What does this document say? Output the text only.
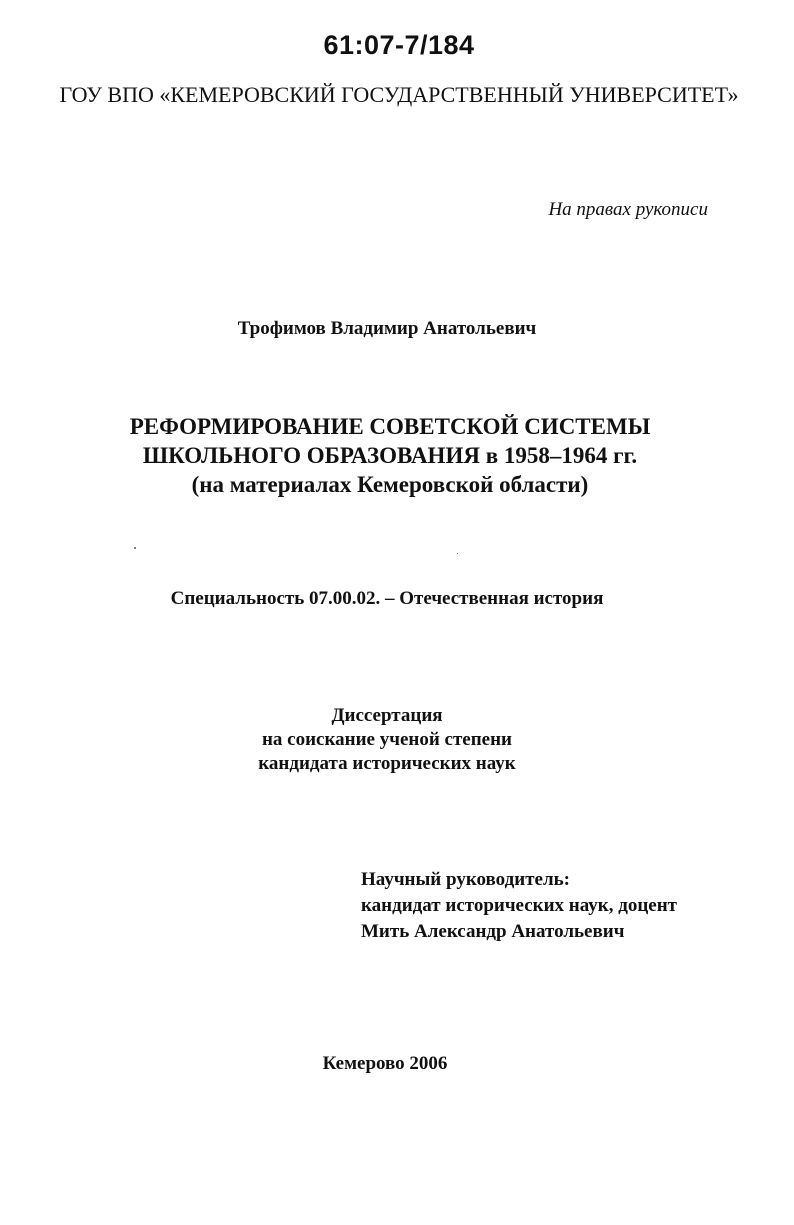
61:07-7/184

ГОУ ВПО «КЕМЕРОВСКИЙ ГОСУДАРСТВЕННЫЙ УНИВЕРСИТЕТ»

На правах рукописи

Трофимов Владимир Анатольевич

РЕФОРМИРОВАНИЕ СОВЕТСКОЙ СИСТЕМЫ
ШКОЛЬНОГО ОБРАЗОВАНИЯ в 1958–1964 гг.
(на материалах Кемеровской области)

Специальность 07.00.02. – Отечественная история

Диссертация
на соискание ученой степени
кандидата исторических наук
Научный руководитель:
кандидат исторических наук, доцент
Мить Александр Анатольевич

Кемерово 2006
